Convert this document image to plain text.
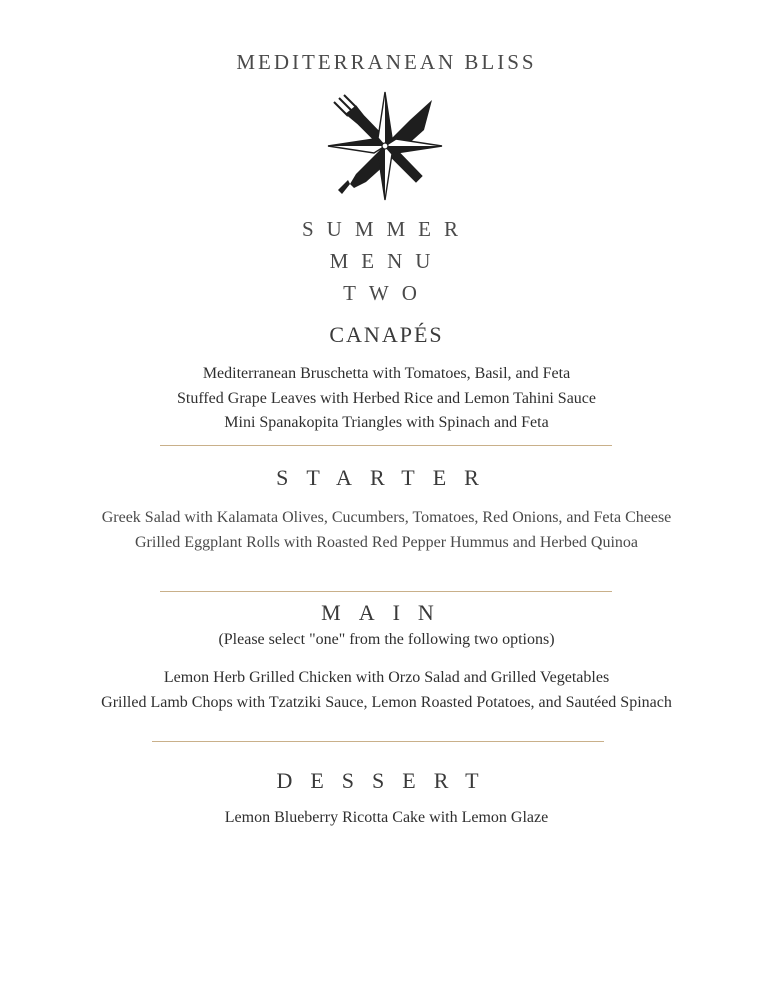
MEDITERRANEAN BLISS
SUMMER
MENU
TWO
CANAPÉS
Mediterranean Bruschetta with Tomatoes, Basil, and Feta
Stuffed Grape Leaves with Herbed Rice and Lemon Tahini Sauce
Mini Spanakopita Triangles with Spinach and Feta
STARTER
Greek Salad with Kalamata Olives, Cucumbers, Tomatoes, Red Onions, and Feta Cheese
Grilled Eggplant Rolls with Roasted Red Pepper Hummus and Herbed Quinoa
MAIN
(Please select "one" from the following two options)
Lemon Herb Grilled Chicken with Orzo Salad and Grilled Vegetables
Grilled Lamb Chops with Tzatziki Sauce, Lemon Roasted Potatoes, and Sautéed Spinach
DESSERT
Lemon Blueberry Ricotta Cake with Lemon Glaze
